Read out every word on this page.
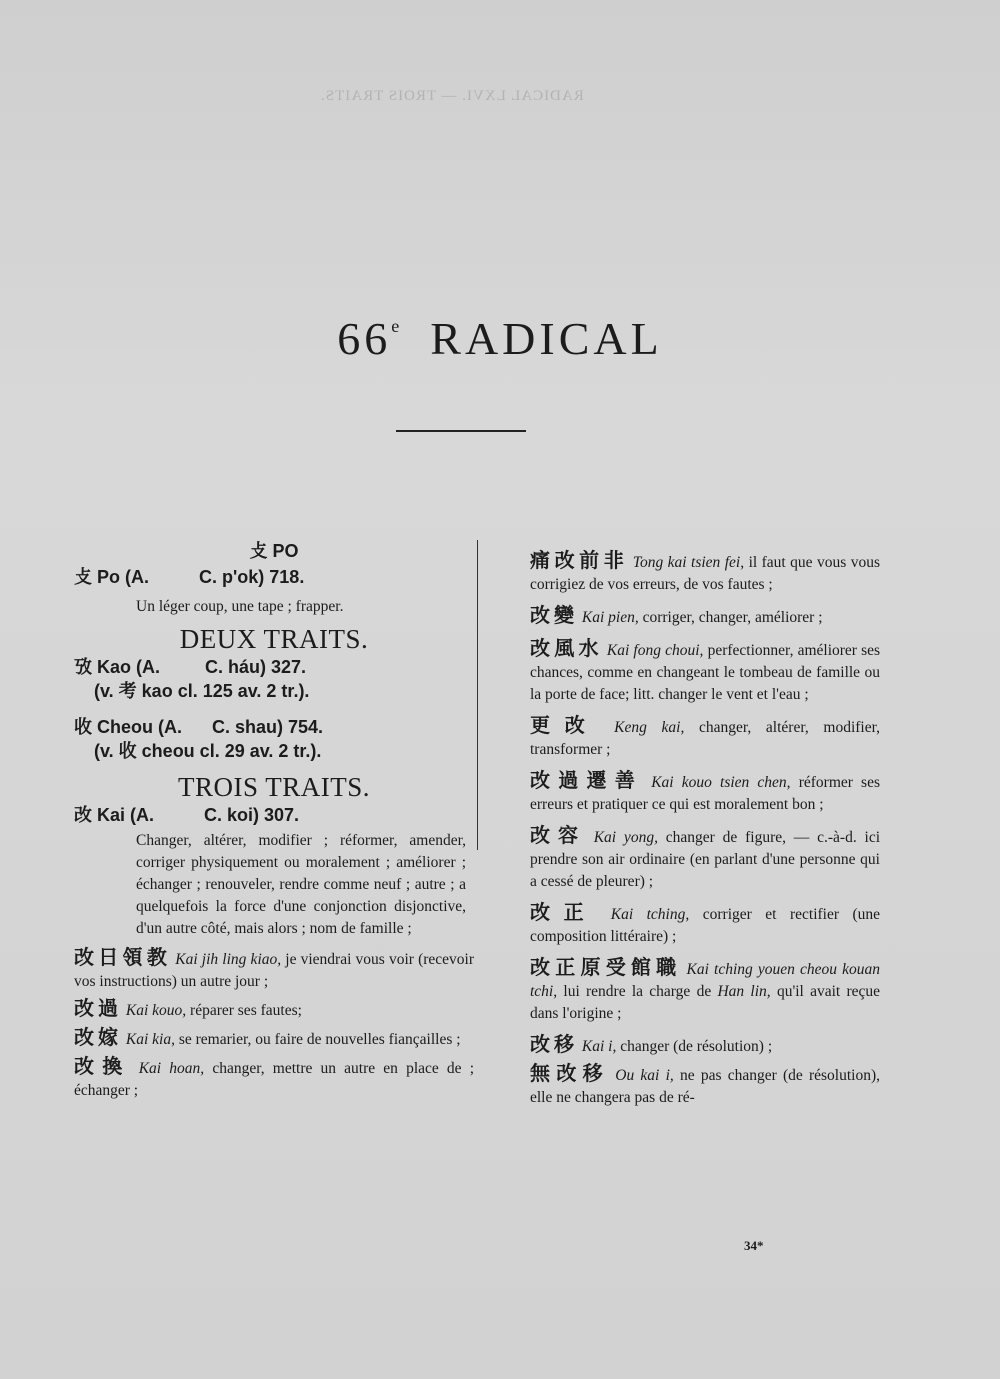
RADICAL LXVI. — TROIS TRAITS.
66e RADICAL
攴 PO
攴 Po (A.          C. p'ok) 718.
Un léger coup, une tape ; frapper.
DEUX TRAITS.
攷 Kao (A.         C. háu) 327.
(v. 考 kao cl. 125 av. 2 tr.).
收 Cheou (A.      C. shau) 754.
(v. 收 cheou cl. 29 av. 2 tr.).
TROIS TRAITS.
改 Kai (A.          C. koi) 307.
Changer, altérer, modifier ; réformer, amender, corriger physiquement ou moralement ; améliorer ; échanger ; renouveler, rendre comme neuf ; autre ; a quelquefois la force d'une conjonction disjonctive, d'un autre côté, mais alors ; nom de famille ;
改日領教 Kai jih ling kiao, je viendrai vous voir (recevoir vos instructions) un autre jour ;
改過 Kai kouo, réparer ses fautes;
改嫁 Kai kia, se remarier, ou faire de nouvelles fiançailles ;
改換 Kai hoan, changer, mettre un autre en place de ; échanger ;
痛改前非 Tong kai tsien fei, il faut que vous vous corrigiez de vos erreurs, de vos fautes ;
改變 Kai pien, corriger, changer, améliorer ;
改風水 Kai fong choui, perfectionner, améliorer ses chances, comme en changeant le tombeau de famille ou la porte de face; litt. changer le vent et l'eau ;
更改 Keng kai, changer, altérer, modifier, transformer ;
改過遷善 Kai kouo tsien chen, réformer ses erreurs et pratiquer ce qui est moralement bon ;
改容 Kai yong, changer de figure, — c.-à-d. ici prendre son air ordinaire (en parlant d'une personne qui a cessé de pleurer) ;
改正 Kai tching, corriger et rectifier (une composition littéraire) ;
改正原受館職 Kai tching youen cheou kouan tchi, lui rendre la charge de Han lin, qu'il avait reçue dans l'origine ;
改移 Kai i, changer (de résolution) ;
無改移 Ou kai i, ne pas changer (de résolution), elle ne changera pas de ré-
34*
